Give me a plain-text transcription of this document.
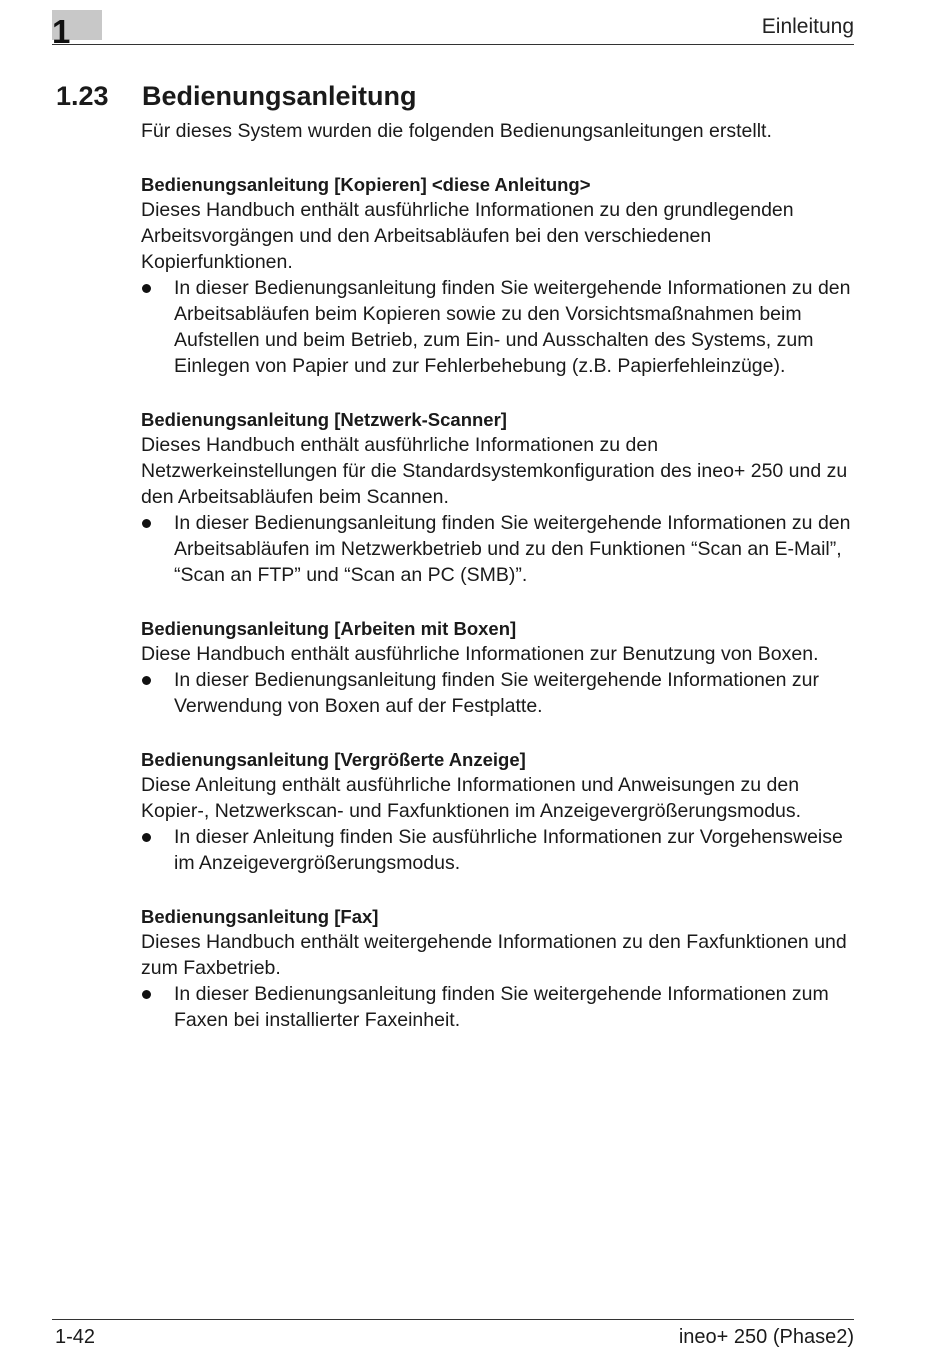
1	Einleitung
1.23 Bedienungsanleitung

Für dieses System wurden die folgenden Bedienungsanleitungen erstellt.

Bedienungsanleitung [Kopieren] <diese Anleitung>

Dieses Handbuch enthält ausführliche Informationen zu den grundlegenden Arbeitsvorgängen und den Arbeitsabläufen bei den verschiedenen Kopierfunktionen.

In dieser Bedienungsanleitung finden Sie weitergehende Informationen zu den Arbeitsabläufen beim Kopieren sowie zu den Vorsichtsmaßnahmen beim Aufstellen und beim Betrieb, zum Ein- und Ausschalten des Systems, zum Einlegen von Papier und zur Fehlerbehebung (z.B. Papierfehleinzüge).

Bedienungsanleitung [Netzwerk-Scanner]

Dieses Handbuch enthält ausführliche Informationen zu den Netzwerkeinstellungen für die Standardsystemkonfiguration des ineo+ 250 und zu den Arbeitsabläufen beim Scannen.

In dieser Bedienungsanleitung finden Sie weitergehende Informationen zu den Arbeitsabläufen im Netzwerkbetrieb und zu den Funktionen “Scan an E-Mail”, “Scan an FTP” und “Scan an PC (SMB)”.

Bedienungsanleitung [Arbeiten mit Boxen]

Diese Handbuch enthält ausführliche Informationen zur Benutzung von Boxen.

In dieser Bedienungsanleitung finden Sie weitergehende Informationen zur Verwendung von Boxen auf der Festplatte.

Bedienungsanleitung [Vergrößerte Anzeige]

Diese Anleitung enthält ausführliche Informationen und Anweisungen zu den Kopier-, Netzwerkscan- und Faxfunktionen im Anzeigevergrößerungsmodus.

In dieser Anleitung finden Sie ausführliche Informationen zur Vorgehensweise im Anzeigevergrößerungsmodus.

Bedienungsanleitung [Fax]

Dieses Handbuch enthält weitergehende Informationen zu den Faxfunktionen und zum Faxbetrieb.

In dieser Bedienungsanleitung finden Sie weitergehende Informationen zum Faxen bei installierter Faxeinheit.

1-42	ineo+ 250 (Phase2)
